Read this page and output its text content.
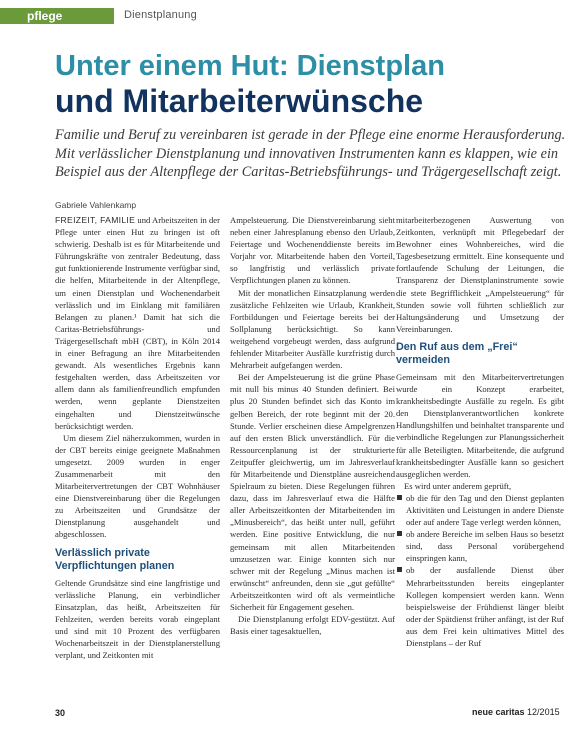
pflege	Dienstplanung
Unter einem Hut: Dienstplan
und Mitarbeiterwünsche
Familie und Beruf zu vereinbaren ist gerade in der Pflege eine enorme Herausforderung.
Mit verlässlicher Dienstplanung und innovativen Instrumenten kann es klappen, wie ein
Beispiel aus der Altenpflege der Caritas-Betriebsführungs- und Trägergesellschaft zeigt.
Gabriele Vahlenkamp

FREIZEIT, FAMILIE und Arbeitszeiten in der Pflege unter einen Hut zu bringen ist oft schwierig. Deshalb ist es für Mitarbeitende und Führungskräfte von zentraler Bedeutung, dass gut funktionierende Instrumente verfügbar sind, die helfen, Mitarbeitende in der Altenpflege, um einen Dienstplan und Wochenendarbeit verlässlich und im Einklang mit familiären Belangen zu planen.¹ Damit hat sich die Caritas-Betriebsführungs- und Trägergesellschaft mbH (CBT), in Köln 2014 in einer Befragung an ihre Mitarbeitenden gewandt. Als wesentliches Ergebnis kann festgehalten werden, dass Arbeitszeiten vor allem dann als familienfreundlich empfunden werden, wenn geplante Dienstzeiten eingehalten und Dienstzeitwünsche berücksichtigt werden.

Um diesem Ziel näherzukommen, wurden in der CBT bereits einige geeignete Maßnahmen umgesetzt. 2009 wurden in enger Zusammenarbeit mit den Mitarbeitervertretungen der CBT Wohnhäuser eine Dienstvereinbarung über die Regelungen zu Arbeitszeiten und Grundsätze der Dienstplanung ausgehandelt und abgeschlossen.

Verlässlich private Verpflichtungen planen

Geltende Grundsätze sind eine langfristige und verlässliche Planung, ein verbindlicher Einsatzplan, das heißt, Arbeitszeiten für Fehlzeiten, werden bereits vorab eingeplant und sind mit 10 Prozent des verfügbaren Wochenarbeitszeit in der Dienstplanerstellung verplant, und Zeitkonten mit

Ampelsteuerung. Die Dienstvereinbarung sieht neben einer Jahresplanung ebenso den Urlaub, Feiertage und Wochenenddienste bereits im Vorjahr vor. Mitarbeitende haben den Vorteil, so langfristig und verlässlich private Verpflichtungen planen zu können.

Mit der monatlichen Einsatzplanung werden zusätzliche Fehlzeiten wie Urlaub, Krankheit, Fortbildungen und Feiertage bereits bei der Sollplanung berücksichtigt. So kann weitgehend vorgebeugt werden, dass aufgrund fehlender Mitarbeiter Ausfälle kurzfristig durch Mehrarbeit aufgefangen werden.

Bei der Ampelsteuerung ist die grüne Phase mit null bis minus 40 Stunden definiert. Bei plus 20 Stunden befindet sich das Konto im gelben Bereich, der rote beginnt mit der 20. Stunde. Verlier erscheinen diese Ampelgrenzen auf den ersten Blick unverständlich. Für die Ressourcenplanung ist der strukturierte Zeitpuffer gleichwertig, um im Jahresverlauf für Mitarbeitende und Dienstpläne ausreichend Spielraum zu bieten. Diese Regelungen führen dazu, dass im Jahresverlauf etwa die Hälfte aller Arbeitszeitkonten der Mitarbeitenden im „Minusbereich“, das heißt unter null, geführt werden. Eine positive Entwicklung, die nur gemeinsam mit allen Mitarbeitenden umzusetzen war. Einige konnten sich nur schwer mit der Regelung „Minus machen ist erwünscht“ anfreunden, denn sie „gut gefüllte“ Arbeitszeitkonten wird oft als vermeintliche Sicherheit für Engagement gesehen.

Die Dienstplanung erfolgt EDV-gestützt. Auf Basis einer tagesaktuellen,

mitarbeiterbezogenen Auswertung von Zeitkonten, verknüpft mit Pflegebedarf der Bewohner eines Wohnbereiches, wird die Tagesbesetzung ermittelt. Eine konsequente und fortlaufende Schulung der Leitungen, die Transparenz der Dienstplaninstrumente sowie die stete Begrifflichkeit „Ampelsteuerung“ für Stunden sowie voll führten schließlich zur Haltungsänderung und Umsetzung der Vereinbarungen.

Den Ruf aus dem „Frei“ vermeiden

Gemeinsam mit den Mitarbeitervertretungen wurde ein Konzept erarbeitet, krankheitsbedingte Ausfälle zu regeln. Es gibt den Dienstplanverantwortlichen konkrete Handlungshilfen und beinhaltet transparente und verbindliche Regelungen zur Planungssicherheit für alle Beteiligten. Mitarbeitende, die aufgrund krankheitsbedingter Ausfälle kann so gesichert ausgeglichen werden.

Es wird unter anderem geprüft,

ob die für den Tag und den Dienst geplanten Aktivitäten und Leistungen in andere Dienste oder auf andere Tage verlegt werden können,

ob andere Bereiche im selben Haus so besetzt sind, dass Personal vorübergehend einspringen kann,

ob der ausfallende Dienst über Mehrarbeitsstunden bereits eingeplanter Kollegen kompensiert werden kann. Wenn beispielsweise der Frühdienst länger bleibt oder der Spätdienst früher anfängt, ist der Ruf aus dem Frei kein ultimatives Mittel des Dienstplans – der Ruf

30	neue caritas 12/2015
